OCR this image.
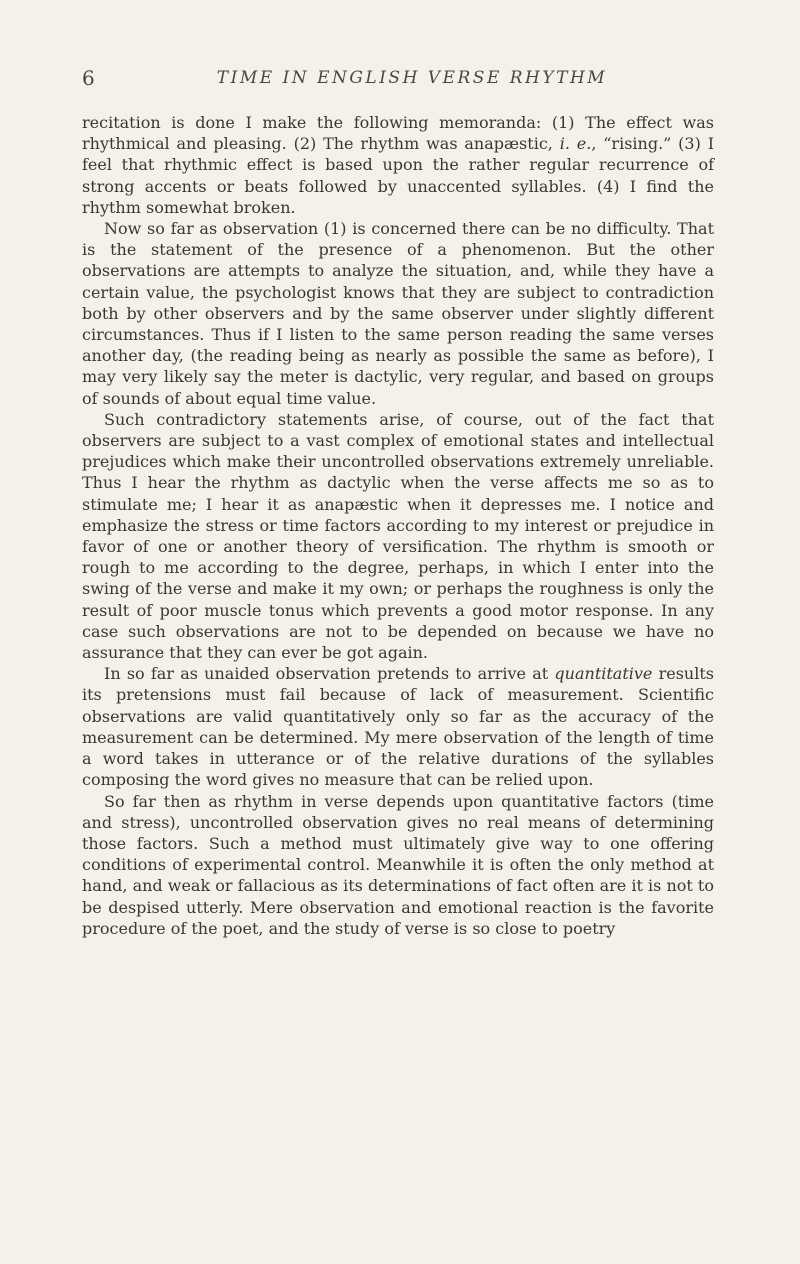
6	TIME IN ENGLISH VERSE RHYTHM

recitation is done I make the following memoranda: (1) The effect was rhythmical and pleasing. (2) The rhythm was anapæstic, i. e., “rising.” (3) I feel that rhythmic effect is based upon the rather regular recurrence of strong accents or beats followed by unaccented syllables. (4) I find the rhythm somewhat broken.

Now so far as observation (1) is concerned there can be no difficulty. That is the statement of the presence of a phenomenon. But the other observations are attempts to analyze the situation, and, while they have a certain value, the psychologist knows that they are subject to contradiction both by other observers and by the same observer under slightly different circumstances. Thus if I listen to the same person reading the same verses another day, (the reading being as nearly as possible the same as before), I may very likely say the meter is dactylic, very regular, and based on groups of sounds of about equal time value.

Such contradictory statements arise, of course, out of the fact that observers are subject to a vast complex of emotional states and intellectual prejudices which make their uncontrolled observations extremely unreliable. Thus I hear the rhythm as dactylic when the verse affects me so as to stimulate me; I hear it as anapæstic when it depresses me. I notice and emphasize the stress or time factors according to my interest or prejudice in favor of one or another theory of versification. The rhythm is smooth or rough to me according to the degree, perhaps, in which I enter into the swing of the verse and make it my own; or perhaps the roughness is only the result of poor muscle tonus which prevents a good motor response. In any case such observations are not to be depended on because we have no assurance that they can ever be got again.

In so far as unaided observation pretends to arrive at quantitative results its pretensions must fail because of lack of measurement. Scientific observations are valid quantitatively only so far as the accuracy of the measurement can be determined. My mere observation of the length of time a word takes in utterance or of the relative durations of the syllables composing the word gives no measure that can be relied upon.

So far then as rhythm in verse depends upon quantitative factors (time and stress), uncontrolled observation gives no real means of determining those factors. Such a method must ultimately give way to one offering conditions of experimental control. Meanwhile it is often the only method at hand, and weak or fallacious as its determinations of fact often are it is not to be despised utterly. Mere observation and emotional reaction is the favorite procedure of the poet, and the study of verse is so close to poetry
